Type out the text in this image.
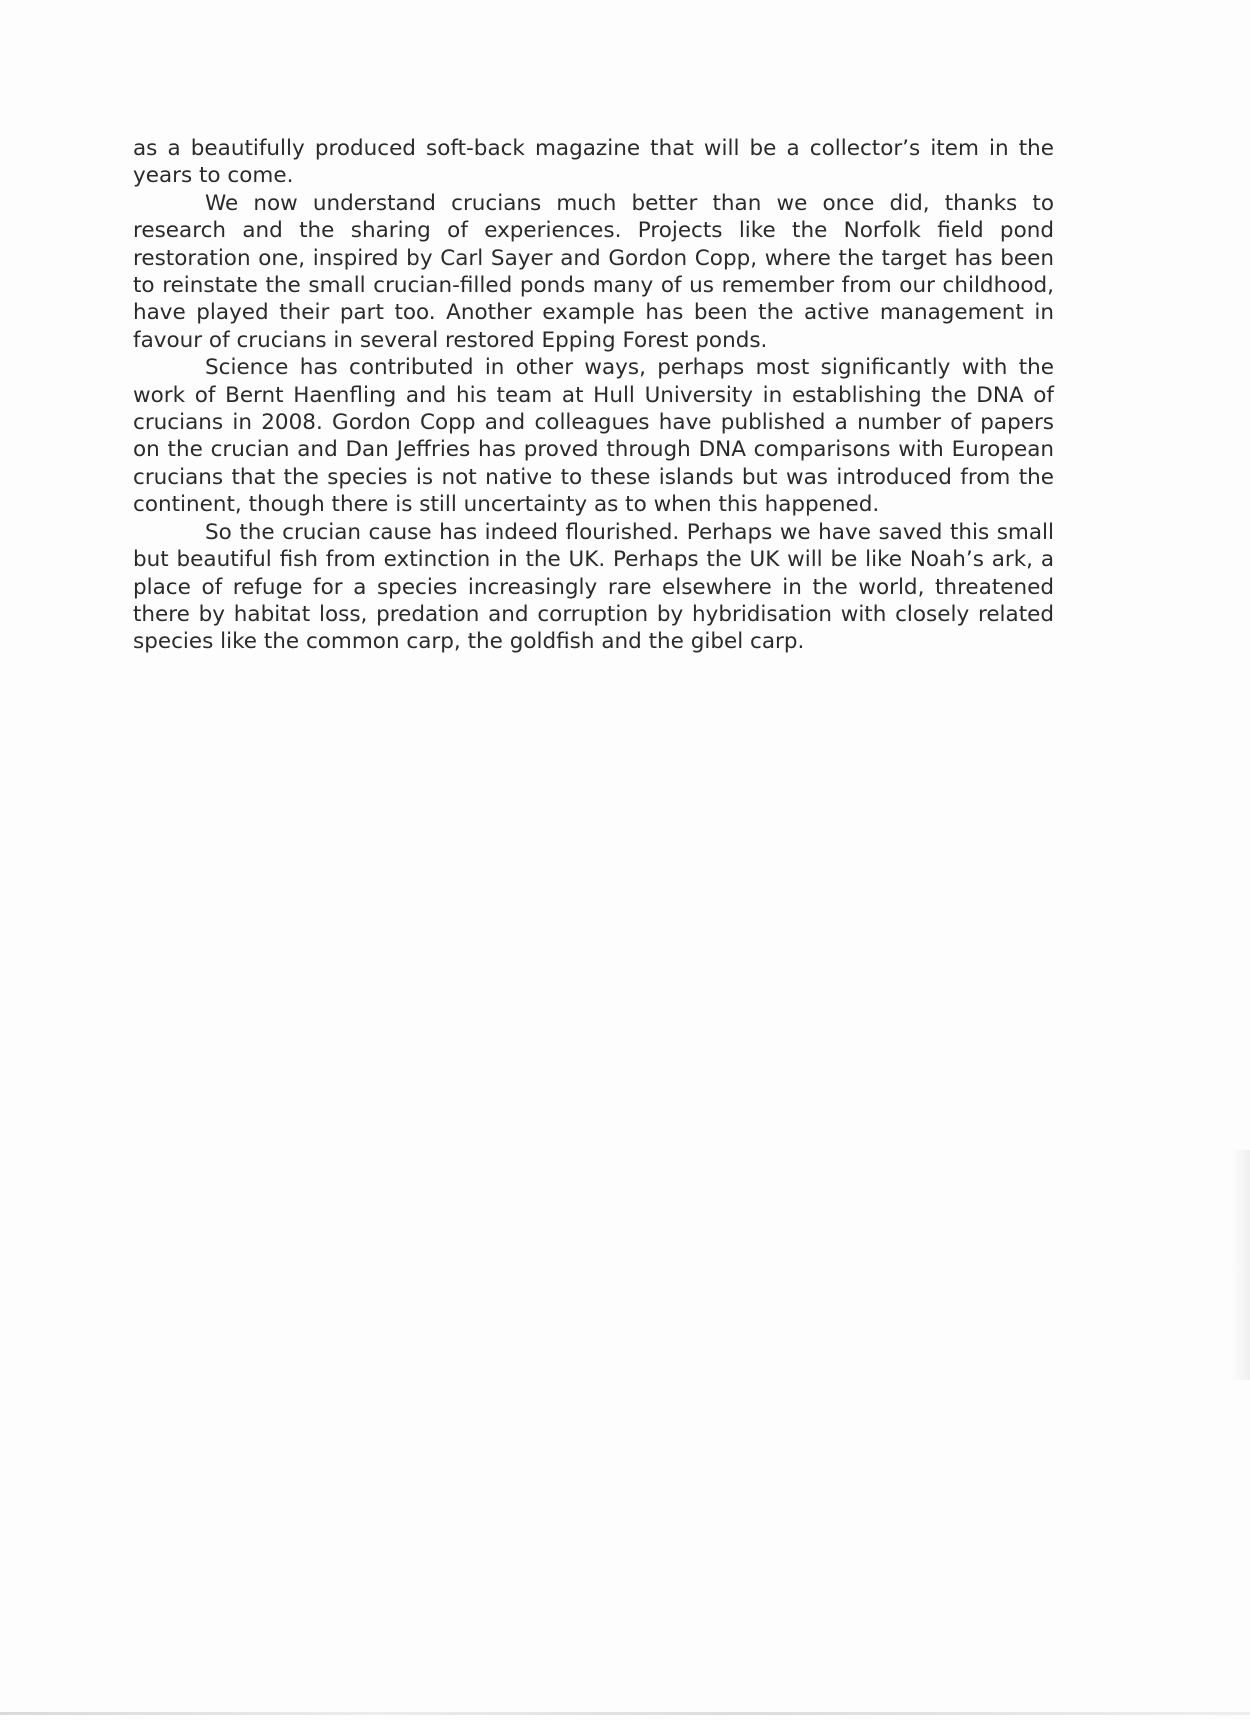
as a beautifully produced soft-back magazine that will be a collector’s item in the years to come.

We now understand crucians much better than we once did, thanks to research and the sharing of experiences. Projects like the Norfolk field pond restoration one, inspired by Carl Sayer and Gordon Copp, where the target has been to reinstate the small crucian-filled ponds many of us remember from our childhood, have played their part too. Another example has been the active management in favour of crucians in several restored Epping Forest ponds.

Science has contributed in other ways, perhaps most significantly with the work of Bernt Haenfling and his team at Hull University in establishing the DNA of crucians in 2008. Gordon Copp and colleagues have published a number of papers on the crucian and Dan Jeffries has proved through DNA comparisons with European crucians that the species is not native to these islands but was introduced from the continent, though there is still uncertainty as to when this happened.

So the crucian cause has indeed flourished. Perhaps we have saved this small but beautiful fish from extinction in the UK. Perhaps the UK will be like Noah’s ark, a place of refuge for a species increasingly rare elsewhere in the world, threatened there by habitat loss, predation and corruption by hybridisation with closely related species like the common carp, the goldfish and the gibel carp.
